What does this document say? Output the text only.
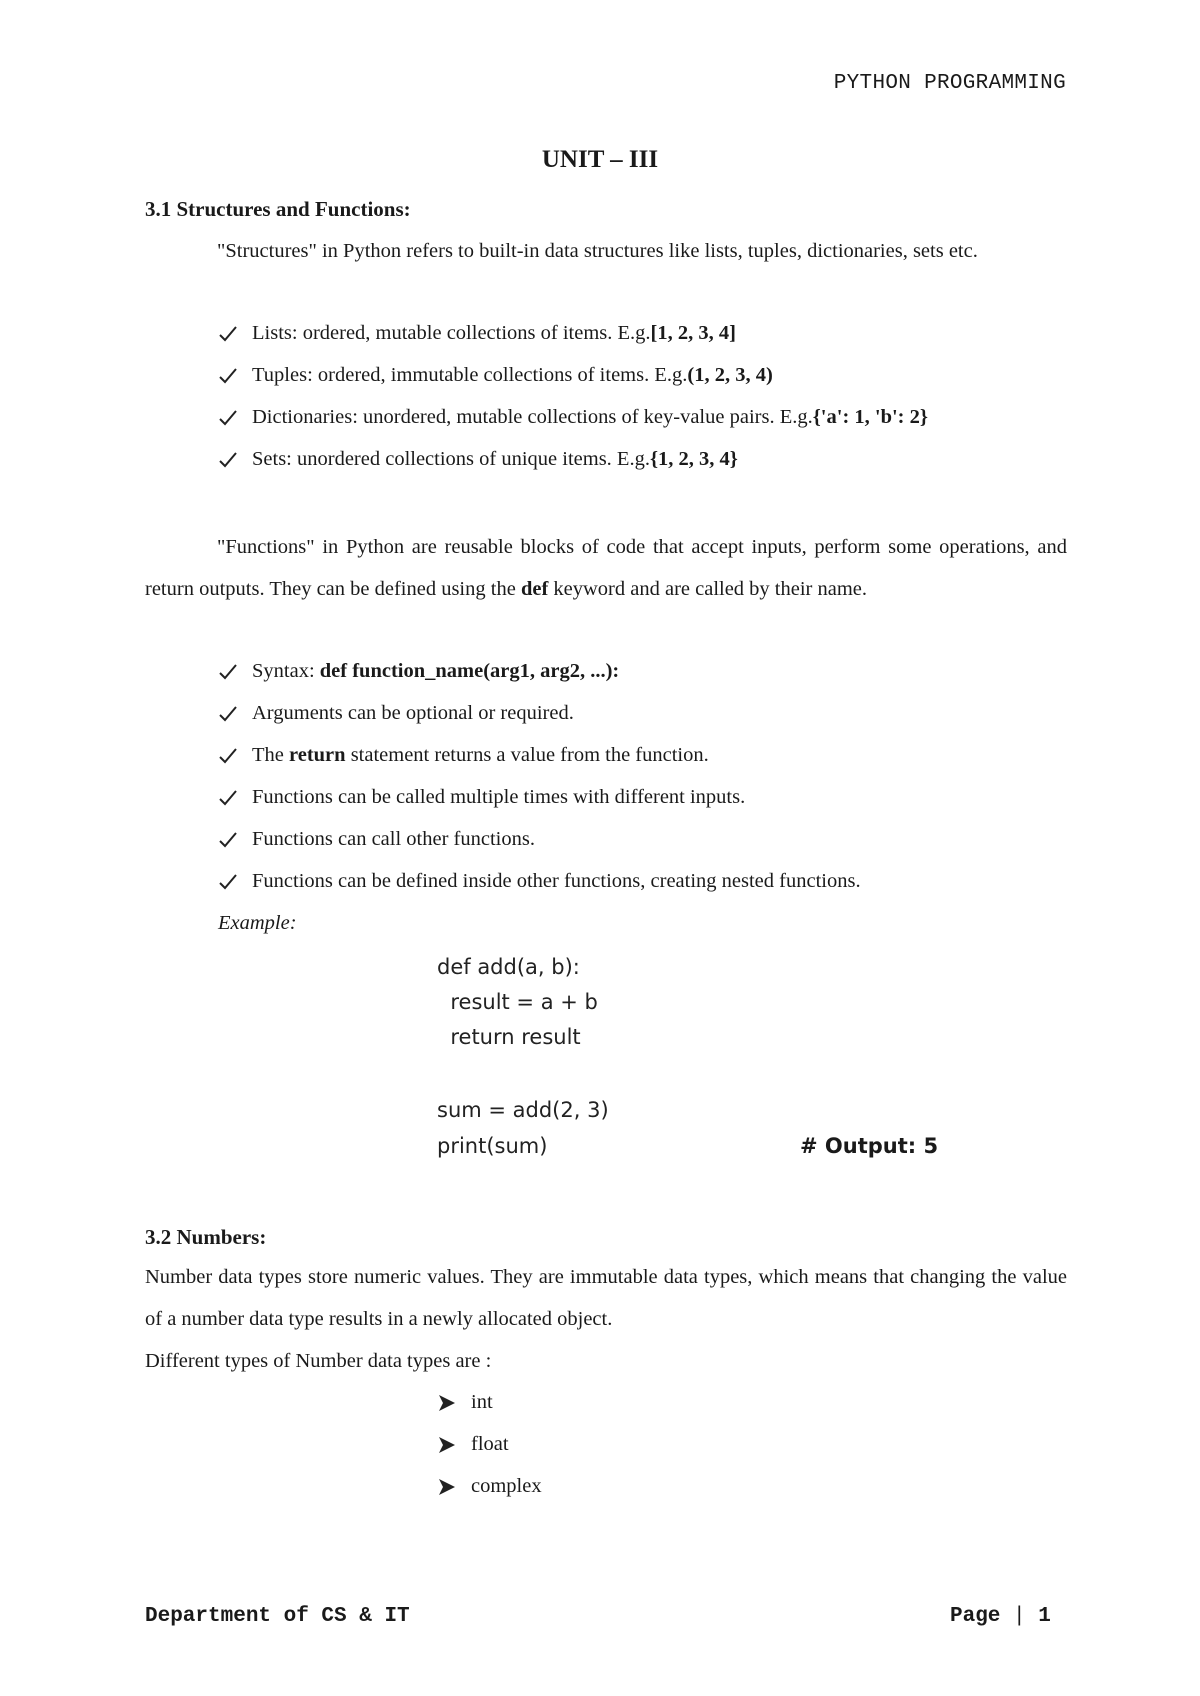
PYTHON PROGRAMMING
UNIT – III
3.1 Structures and Functions:
"Structures" in Python refers to built-in data structures like lists, tuples, dictionaries, sets etc.
Lists: ordered, mutable collections of items. E.g. [1, 2, 3, 4]
Tuples: ordered, immutable collections of items. E.g. (1, 2, 3, 4)
Dictionaries: unordered, mutable collections of key-value pairs. E.g. {'a': 1, 'b': 2}
Sets: unordered collections of unique items. E.g. {1, 2, 3, 4}
"Functions" in Python are reusable blocks of code that accept inputs, perform some operations, and return outputs. They can be defined using the def keyword and are called by their name.
Syntax:
def function_name(arg1, arg2, ...):
Arguments can be optional or required.
The
return
statement returns a value from the function.
Functions can be called multiple times with different inputs.
Functions can call other functions.
Functions can be defined inside other functions, creating nested functions.
Example:
def add(a, b):
result = a + b
return result
sum = add(2, 3)
print(sum)	# Output: 5
3.2 Numbers:
Number data types store numeric values. They are immutable data types, which means that changing the value of a number data type results in a newly allocated object.
Different types of Number data types are :
int
float
complex
Department of CS & IT	Page | 1
